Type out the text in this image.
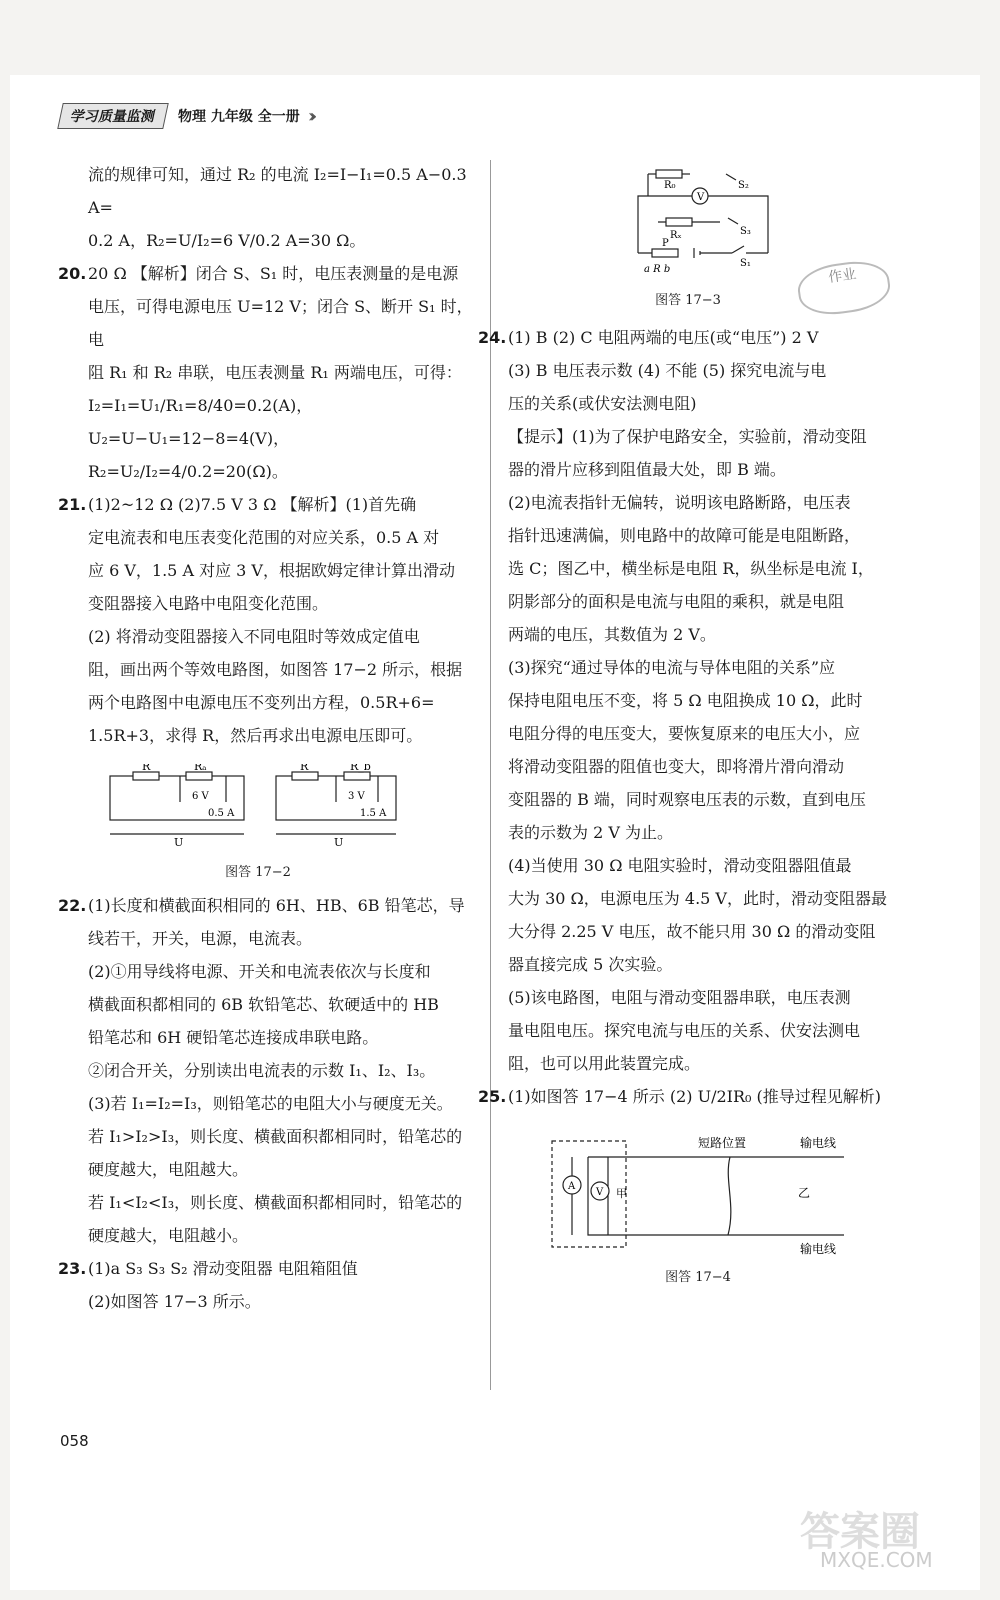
学习质量监测	物理 九年级 全一册 ›››

流的规律可知，通过 R₂ 的电流 I₂=I−I₁=0.5 A−0.3 A=

0.2 A，R₂=U/I₂=6 V/0.2 A=30 Ω。

20. 20 Ω 【解析】闭合 S、S₁ 时，电压表测量的是电源

电压，可得电源电压 U=12 V；闭合 S、断开 S₁ 时，电

阻 R₁ 和 R₂ 串联，电压表测量 R₁ 两端电压，可得：

I₂=I₁=U₁/R₁=8/40=0.2(A)，

U₂=U−U₁=12−8=4(V)，

R₂=U₂/I₂=4/0.2=20(Ω)。

21. (1)2~12 Ω (2)7.5 V 3 Ω 【解析】(1)首先确

定电流表和电压表变化范围的对应关系，0.5 A 对

应 6 V，1.5 A 对应 3 V，根据欧姆定律计算出滑动

变阻器接入电路中电阻变化范围。

(2) 将滑动变阻器接入不同电阻时等效成定值电

阻，画出两个等效电路图，如图答 17−2 所示，根据

两个电路图中电源电压不变列出方程，0.5R+6=

1.5R+3，求得 R，然后再求出电源电压即可。

R	Rₐ
6 V
0.5 A
U
R	R_b
3 V
1.5 A
U
图答 17−2

22. (1)长度和横截面积相同的 6H、HB、6B 铅笔芯，导

线若干，开关，电源，电流表。

(2)①用导线将电源、开关和电流表依次与长度和

横截面积都相同的 6B 软铅笔芯、软硬适中的 HB

铅笔芯和 6H 硬铅笔芯连接成串联电路。

②闭合开关，分别读出电流表的示数 I₁、I₂、I₃。

(3)若 I₁=I₂=I₃，则铅笔芯的电阻大小与硬度无关。

若 I₁>I₂>I₃，则长度、横截面积都相同时，铅笔芯的

硬度越大，电阻越大。

若 I₁<I₂<I₃，则长度、横截面积都相同时，铅笔芯的

硬度越大，电阻越小。

23. (1)a S₃ S₃ S₂ 滑动变阻器 电阻箱阻值

(2)如图答 17−3 所示。

V
R₀
Rₓ
S₂
S₃
S₁
P
a R b
图答 17−3
作业

24. (1) B (2) C 电阻两端的电压(或“电压”) 2 V

(3) B 电压表示数 (4) 不能 (5) 探究电流与电

压的关系(或伏安法测电阻)

【提示】(1)为了保护电路安全，实验前，滑动变阻

器的滑片应移到阻值最大处，即 B 端。

(2)电流表指针无偏转，说明该电路断路，电压表

指针迅速满偏，则电路中的故障可能是电阻断路，

选 C；图乙中，横坐标是电阻 R，纵坐标是电流 I，

阴影部分的面积是电流与电阻的乘积，就是电阻

两端的电压，其数值为 2 V。

(3)探究“通过导体的电流与导体电阻的关系”应

保持电阻电压不变，将 5 Ω 电阻换成 10 Ω，此时

电阻分得的电压变大，要恢复原来的电压大小，应

将滑动变阻器的阻值也变大，即将滑片滑向滑动

变阻器的 B 端，同时观察电压表的示数，直到电压

表的示数为 2 V 为止。

(4)当使用 30 Ω 电阻实验时，滑动变阻器阻值最

大为 30 Ω，电源电压为 4.5 V，此时，滑动变阻器最

大分得 2.25 V 电压，故不能只用 30 Ω 的滑动变阻

器直接完成 5 次实验。

(5)该电路图，电阻与滑动变阻器串联，电压表测

量电阻电压。探究电流与电压的关系、伏安法测电

阻，也可以用此装置完成。

25. (1)如图答 17−4 所示 (2) U/2IR₀ (推导过程见解析)

A
V 甲	乙
短路位置	输电线
输电线
图答 17−4
058
答案圈
MXQE.COM
